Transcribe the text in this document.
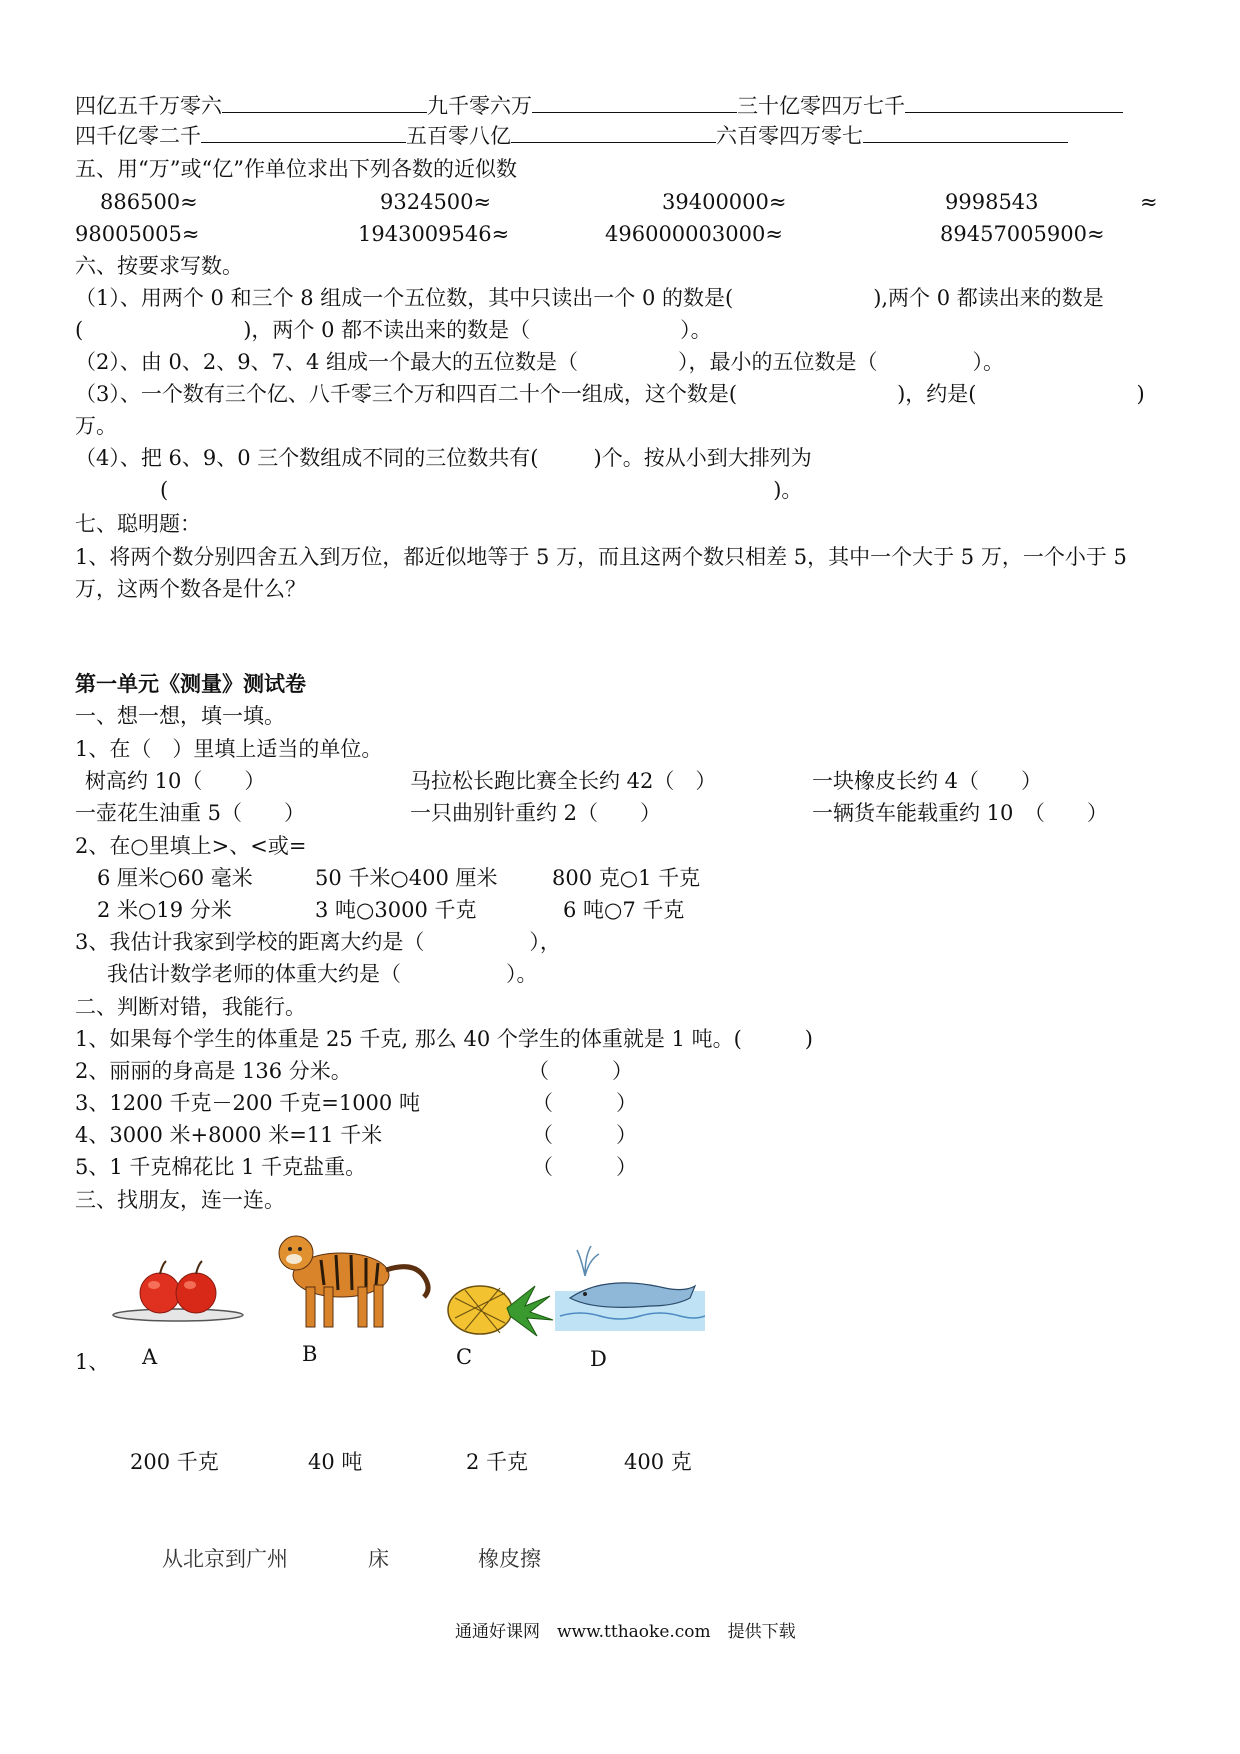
四亿五千万零六	九千零六万	三十亿零四万七千
四千亿零二千	五百零八亿	六百零四万零七
五、用“万”或“亿”作单位求出下列各数的近似数
886500≈	9324500≈	39400000≈	9998543	≈
98005005≈	1943009546≈	496000003000≈	89457005900≈
六、按要求写数。
（1）、用两个 0 和三个 8 组成一个五位数，其中只读出一个 0 的数是(	),两个 0 都读出来的数是
(	)，两个 0 都不读出来的数是（	）。
（2）、由 0、2、9、7、4 组成一个最大的五位数是（	），最小的五位数是（	）。
（3）、一个数有三个亿、八千零三个万和四百二十个一组成，这个数是(	)，约是(	)
万。
（4）、把 6、9、0 三个数组成不同的三位数共有(	)个。按从小到大排列为
(	)。
七、聪明题：
1、将两个数分别四舍五入到万位，都近似地等于 5 万，而且这两个数只相差 5，其中一个大于 5 万，一个小于 5
万，这两个数各是什么？
第一单元《测量》测试卷
一、想一想，填一填。
1、在（　）里填上适当的单位。
树高约 10（　　）	马拉松长跑比赛全长约 42（　）	一块橡皮长约 4（　　）
一壶花生油重 5（　　）	一只曲别针重约 2（　　）	一辆货车能载重约 10　（　　）
2、在○里填上>、<或=
6 厘米○60 毫米	50 千米○400 厘米	800 克○1 千克
2 米○19 分米	3 吨○3000 千克	6 吨○7 千克
3、我估计我家到学校的距离大约是（　　　　　），
我估计数学老师的体重大约是（　　　　　）。
二、判断对错，我能行。
1、如果每个学生的体重是 25 千克, 那么 40 个学生的体重就是 1 吨。(　　　)
2、丽丽的身高是 136 分米。	（　　　）
3、1200 千克－200 千克=1000 吨	（　　　）
4、3000 米+8000 米=11 千米	（　　　）
5、1 千克棉花比 1 千克盐重。	（　　　）
三、找朋友，连一连。
1、 A	B	C	D
200 千克	40 吨	2 千克	400 克
从北京到广州	床	橡皮擦
通通好课网　www.tthaoke.com　提供下载
